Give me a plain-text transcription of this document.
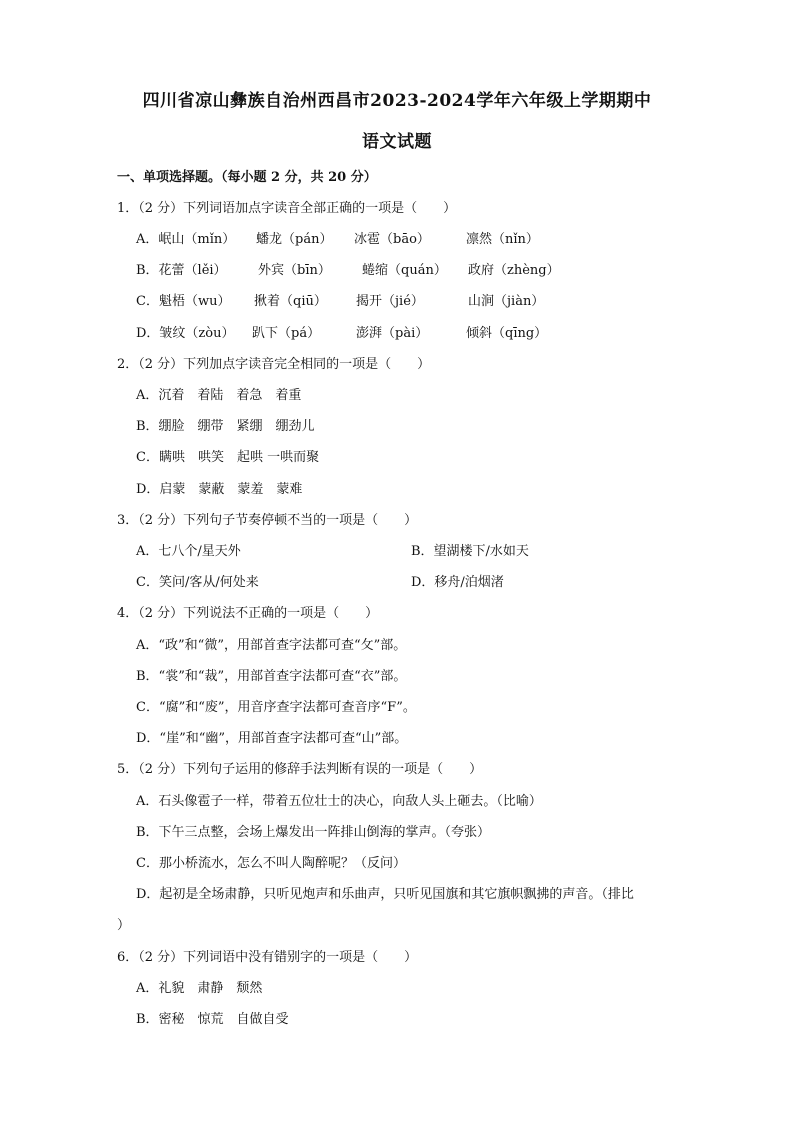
四川省凉山彝族自治州西昌市2023-2024学年六年级上学期期中
语文试题
一、单项选择题。（每小题 2 分，共 20 分）
1．（2 分）下列词语加点字读音全部正确的一项是（　　）
A．岷山（mǐn） 蟠龙（pán） 冰雹（bāo）	凛然（nǐn）
B．花蕾（lěi） 外宾（bīn） 蜷缩（quán） 政府（zhèng）
C．魁梧（wu） 揪着（qiū） 揭开（jié）	山涧（jiàn）
D．皱纹（zòu） 趴下（pá）	澎湃（pài）	倾斜（qīng）
2．（2 分）下列加点字读音完全相同的一项是（　　）
A．沉着　着陆　着急　着重
B．绷脸　绷带　紧绷　绷劲儿
C．瞒哄　哄笑　起哄 一哄而聚
D．启蒙　蒙蔽　蒙羞　蒙难
3．（2 分）下列句子节奏停顿不当的一项是（　　）
A．七八个/星天外	B．望湖楼下/水如天
C．笑问/客从/何处来	D．移舟/泊烟渚
4．（2 分）下列说法不正确的一项是（　　）
A．“政”和“微”，用部首查字法都可查“攵”部。
B．“裳”和“裁”，用部首查字法都可查“衣”部。
C．“腐”和“废”，用音序查字法都可查音序“F”。
D．“崖”和“幽”，用部首查字法都可查“山”部。
5．（2 分）下列句子运用的修辞手法判断有误的一项是（　　）
A．石头像雹子一样，带着五位壮士的决心，向敌人头上砸去。（比喻）
B．下午三点整，会场上爆发出一阵排山倒海的掌声。（夸张）
C．那小桥流水，怎么不叫人陶醉呢？（反问）
D．起初是全场肃静，只听见炮声和乐曲声，只听见国旗和其它旗帜飘拂的声音。（排比
）
6．（2 分）下列词语中没有错别字的一项是（　　）
A．礼貌　肃静　颓然
B．密秘　惊荒　自做自受
